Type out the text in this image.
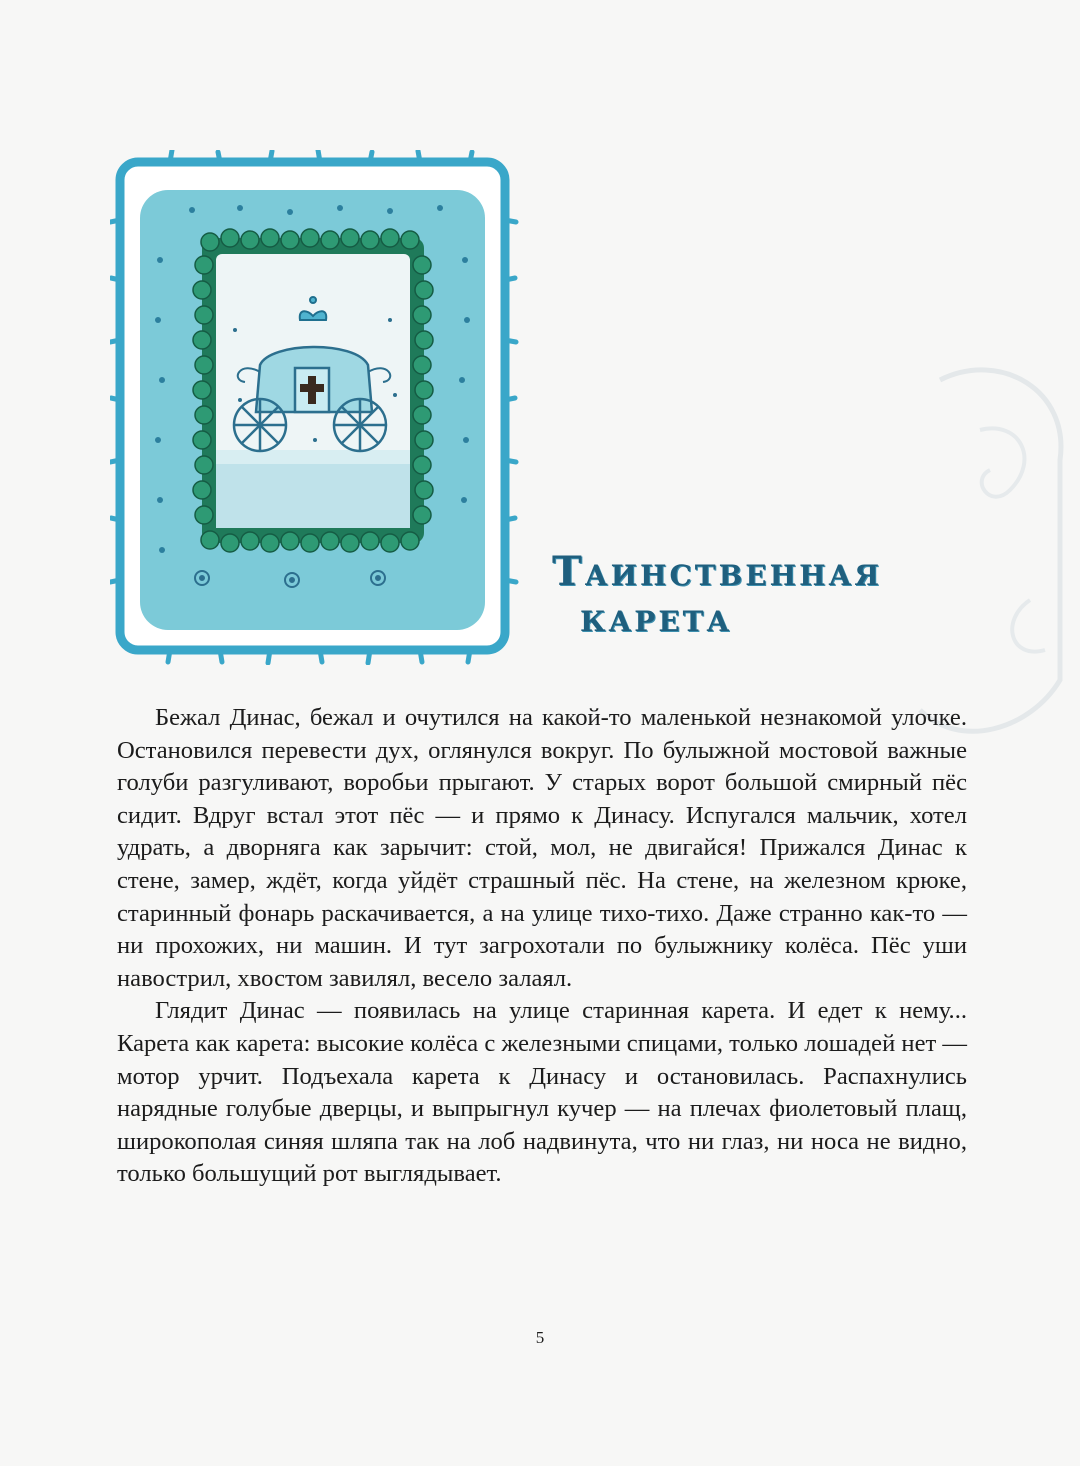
Таинственная
карета

Бежал Динас, бежал и очутился на какой-то маленькой незнакомой улочке. Остановился перевести дух, оглянулся вокруг. По булыжной мостовой важные голуби разгуливают, воробьи прыгают. У старых ворот большой смирный пёс сидит. Вдруг встал этот пёс — и прямо к Динасу. Испугался мальчик, хотел удрать, а дворняга как зарычит: стой, мол, не двигайся! Прижался Динас к стене, замер, ждёт, когда уйдёт страшный пёс. На стене, на железном крюке, старинный фонарь раскачивается, а на улице тихо-тихо. Даже странно как-то — ни прохожих, ни машин. И тут загрохотали по булыжнику колёса. Пёс уши навострил, хвостом завилял, весело залаял.

Глядит Динас — появилась на улице старинная карета. И едет к нему... Карета как карета: высокие колёса с железными спицами, только лошадей нет — мотор урчит. Подъехала карета к Динасу и остановилась. Распахнулись нарядные голубые дверцы, и выпрыгнул кучер — на плечах фиолетовый плащ, широкополая синяя шляпа так на лоб надвинута, что ни глаз, ни носа не видно, только большущий рот выглядывает.

5
